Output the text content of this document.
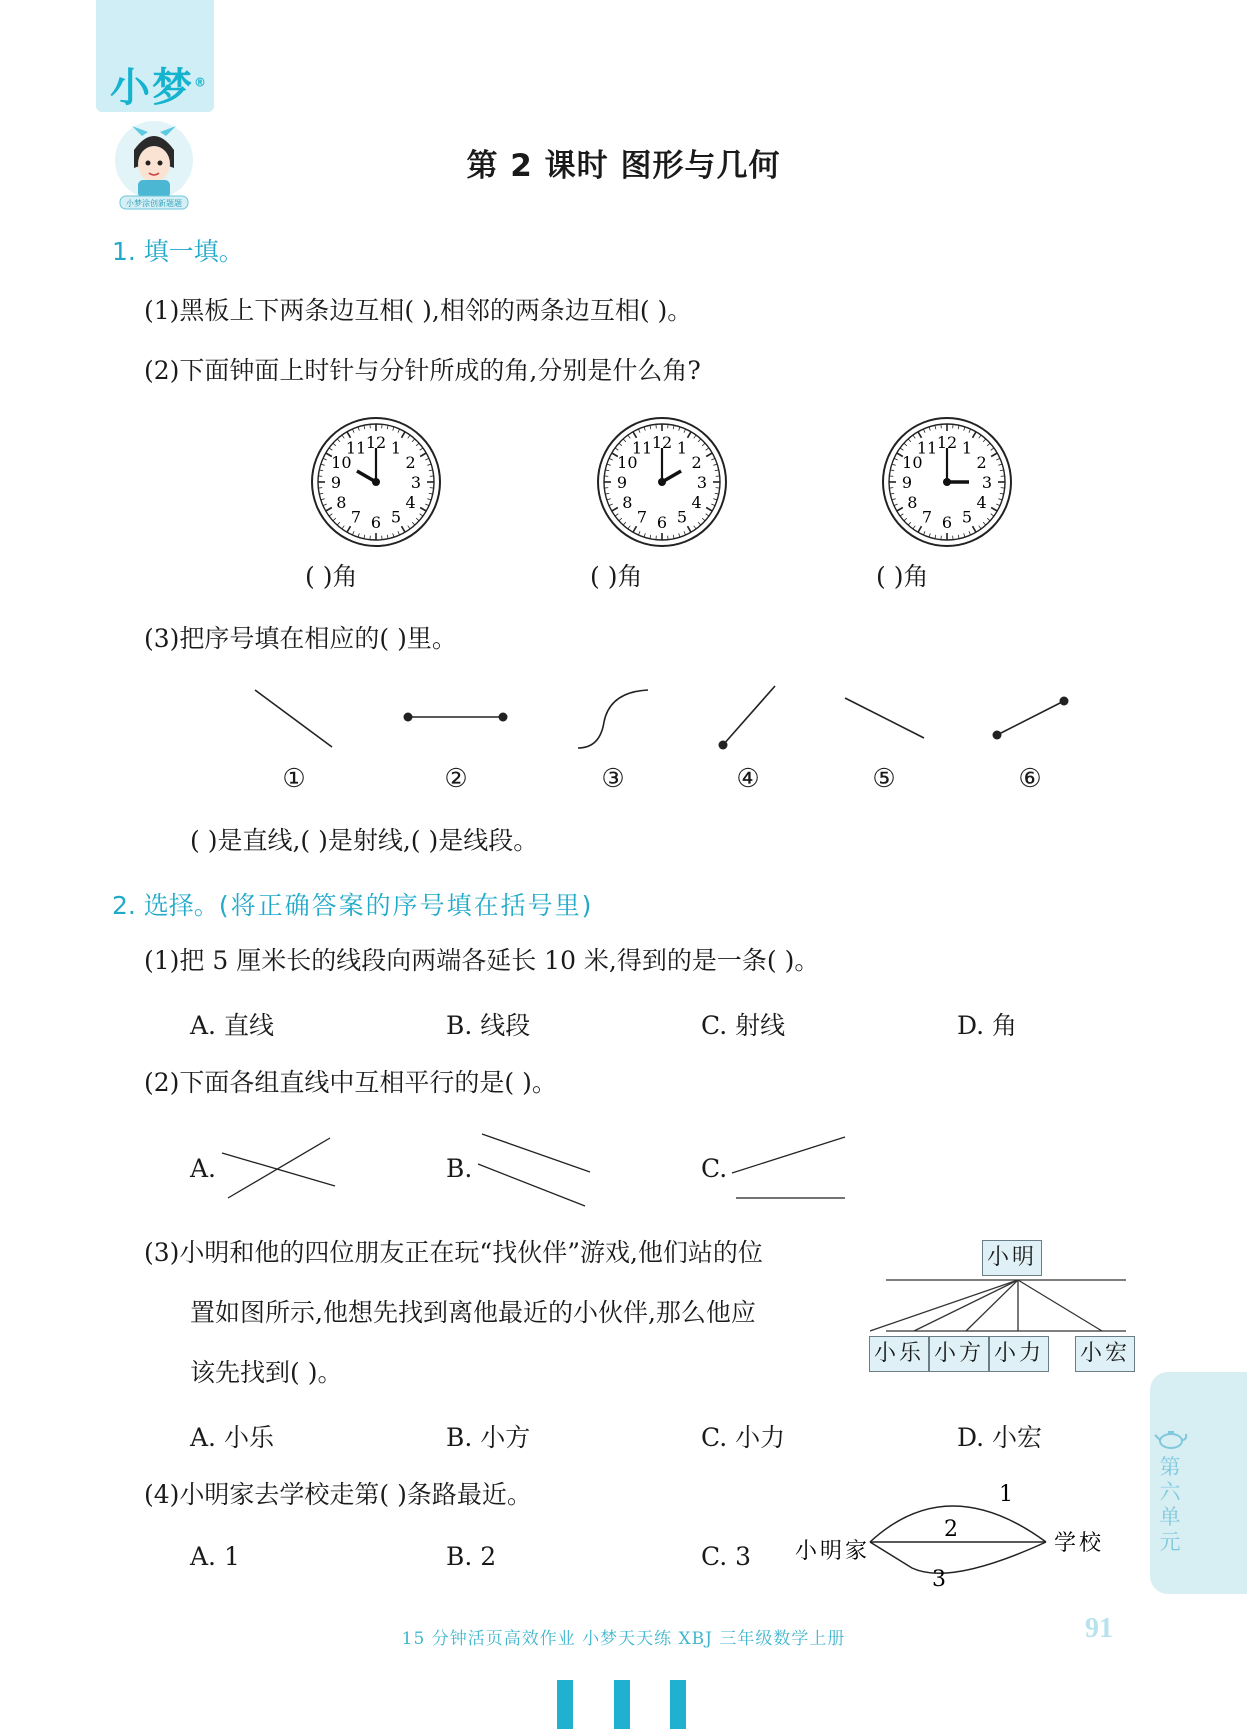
小梦®
小梦涂创新题题
第 2 课时 图形与几何
1. 填一填。
(1)黑板上下两条边互相( ),相邻的两条边互相( )。
(2)下面钟面上时针与分针所成的角,分别是什么角?
12 1
2
3
4
5
6
7
8
9
10
11	12 1
2
3
4
5
6
7
8
9
10
11	12 1
2
3
4
5
6
7
8
9
10
11
( )角	( )角	( )角
(3)把序号填在相应的( )里。
①	②	③	④	⑤	⑥
( )是直线,( )是射线,( )是线段。
2. 选择。(将正确答案的序号填在括号里)
(1)把 5 厘米长的线段向两端各延长 10 米,得到的是一条( )。
A. 直线	B. 线段	C. 射线	D. 角
(2)下面各组直线中互相平行的是( )。
A.	B.	C.
(3)小明和他的四位朋友正在玩“找伙伴”游戏,他们站的位
置如图所示,他想先找到离他最近的小伙伴,那么他应
该先找到( )。
小明
小乐 小方 小力 小宏
A. 小乐	B. 小方	C. 小力	D. 小宏
(4)小明家去学校走第( )条路最近。
A. 1	B. 2	C. 3 小明家	学校
1
2
3
第六单元
15 分钟活页高效作业 小梦天天练 XBJ 三年级数学上册	91
